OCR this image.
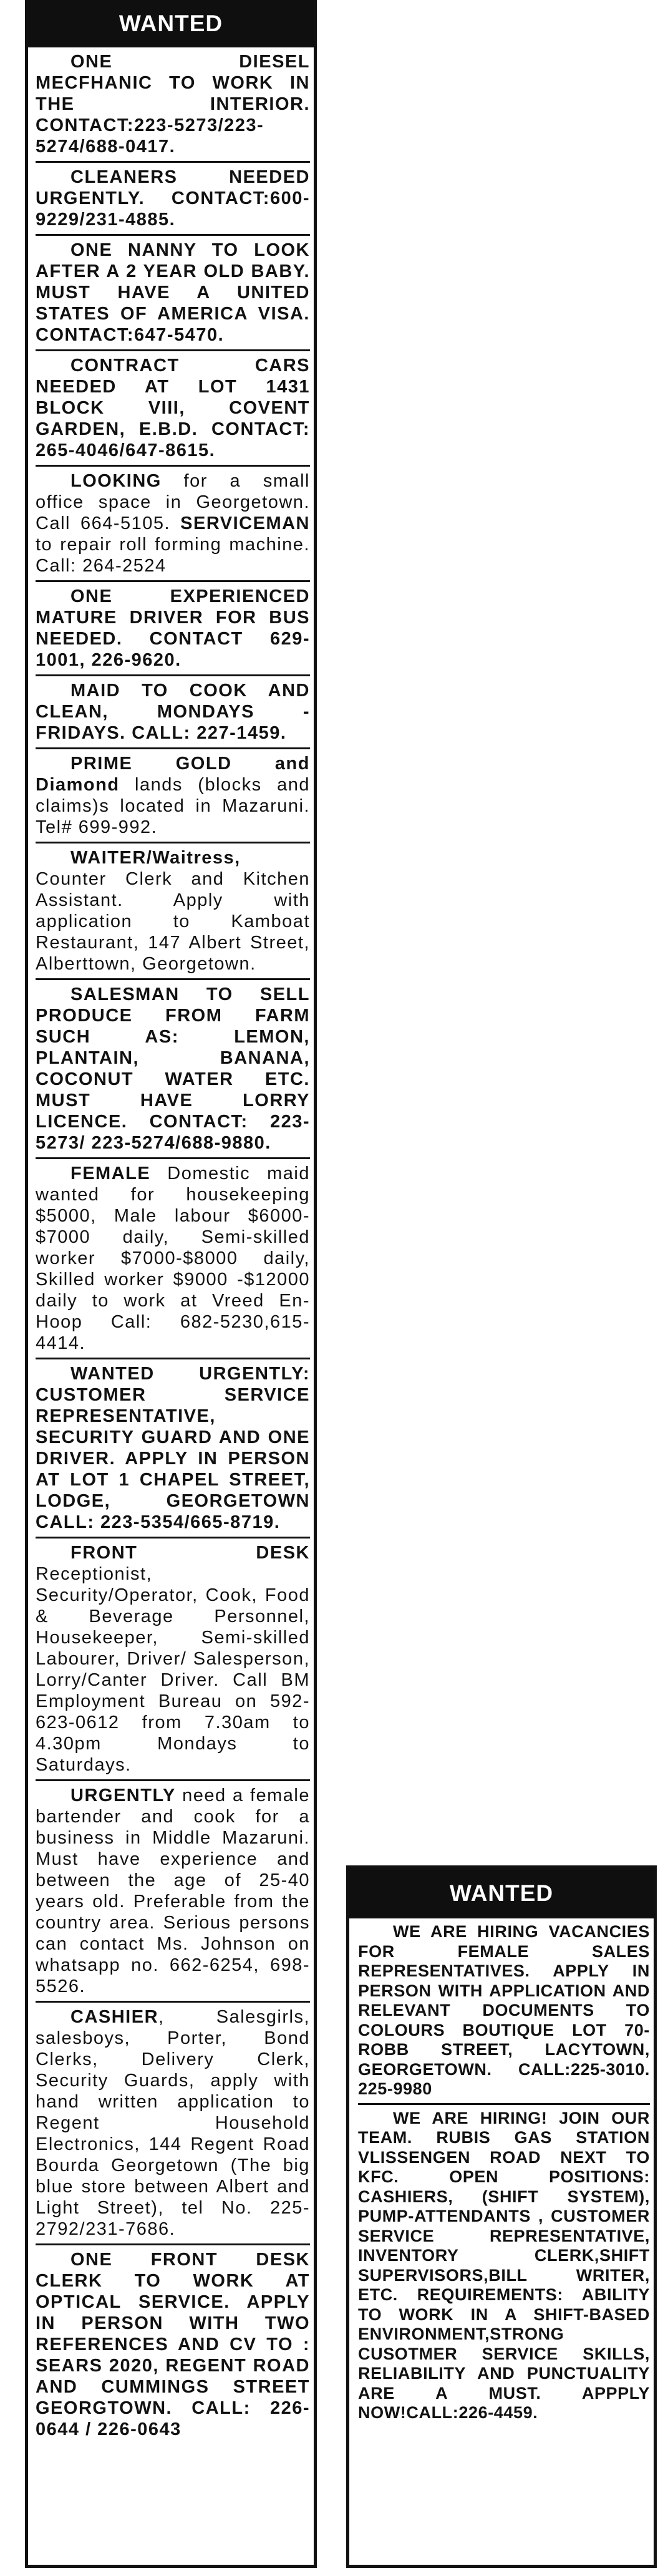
WANTED
ONE DIESEL MECFHANIC TO WORK IN THE INTERIOR. CONTACT:223-5273/223-5274/688-0417.
CLEANERS NEEDED URGENTLY. CONTACT:600-9229/231-4885.
ONE NANNY TO LOOK AFTER A 2 YEAR OLD BABY. MUST HAVE A UNITED STATES OF AMERICA VISA. CONTACT:647-5470.
CONTRACT CARS NEEDED AT LOT 1431 BLOCK VIII, COVENT GARDEN, E.B.D. CONTACT: 265-4046/647-8615.
LOOKING for a small office space in Georgetown. Call 664-5105. SERVICEMAN to repair roll forming machine. Call: 264-2524
ONE EXPERIENCED MATURE DRIVER FOR BUS NEEDED. CONTACT 629-1001, 226-9620.
MAID TO COOK AND CLEAN, MONDAYS - FRIDAYS. CALL: 227-1459.
PRIME GOLD and Diamond lands (blocks and claims)s located in Mazaruni. Tel# 699-992.
WAITER/Waitress, Counter Clerk and Kitchen Assistant. Apply with application to Kamboat Restaurant, 147 Albert Street, Alberttown, Georgetown.
SALESMAN TO SELL PRODUCE FROM FARM SUCH AS: LEMON, PLANTAIN, BANANA, COCONUT WATER ETC. MUST HAVE LORRY LICENCE. CONTACT: 223-5273/ 223-5274/688-9880.
FEMALE Domestic maid wanted for housekeeping $5000, Male labour $6000- $7000 daily, Semi-skilled worker $7000-$8000 daily, Skilled worker $9000 -$12000 daily to work at Vreed En-Hoop Call: 682-5230,615- 4414.
WANTED URGENTLY: CUSTOMER SERVICE REPRESENTATIVE, SECURITY GUARD AND ONE DRIVER. APPLY IN PERSON AT LOT 1 CHAPEL STREET, LODGE, GEORGETOWN CALL: 223-5354/665-8719.
FRONT DESK Receptionist, Security/Operator, Cook, Food & Beverage Personnel, Housekeeper, Semi-skilled Labourer, Driver/ Salesperson, Lorry/Canter Driver. Call BM Employment Bureau on 592-623-0612 from 7.30am to 4.30pm Mondays to Saturdays.
URGENTLY need a female bartender and cook for a business in Middle Mazaruni. Must have experience and between the age of 25-40 years old. Preferable from the country area. Serious persons can contact Ms. Johnson on whatsapp no. 662-6254, 698-5526.
CASHIER, Salesgirls, salesboys, Porter, Bond Clerks, Delivery Clerk, Security Guards, apply with hand written application to Regent Household Electronics, 144 Regent Road Bourda Georgetown (The big blue store between Albert and Light Street), tel No. 225-2792/231-7686.
ONE FRONT DESK CLERK TO WORK AT OPTICAL SERVICE. APPLY IN PERSON WITH TWO REFERENCES AND CV TO : SEARS 2020, REGENT ROAD AND CUMMINGS STREET GEORGTOWN. CALL: 226-0644 / 226-0643
WANTED
WE ARE HIRING VACANCIES FOR FEMALE SALES REPRESENTATIVES. APPLY IN PERSON WITH APPLICATION AND RELEVANT DOCUMENTS TO COLOURS BOUTIQUE LOT 70-ROBB STREET, LACYTOWN, GEORGETOWN. CALL:225-3010. 225-9980
WE ARE HIRING! JOIN OUR TEAM. RUBIS GAS STATION VLISSENGEN ROAD NEXT TO KFC. OPEN POSITIONS: CASHIERS, (SHIFT SYSTEM), PUMP-ATTENDANTS , CUSTOMER SERVICE REPRESENTATIVE, INVENTORY CLERK,SHIFT SUPERVISORS,BILL WRITER, ETC. REQUIREMENTS: ABILITY TO WORK IN A SHIFT-BASED ENVIRONMENT,STRONG CUSOTMER SERVICE SKILLS, RELIABILITY AND PUNCTUALITY ARE A MUST. APPPLY NOW!CALL:226-4459.
